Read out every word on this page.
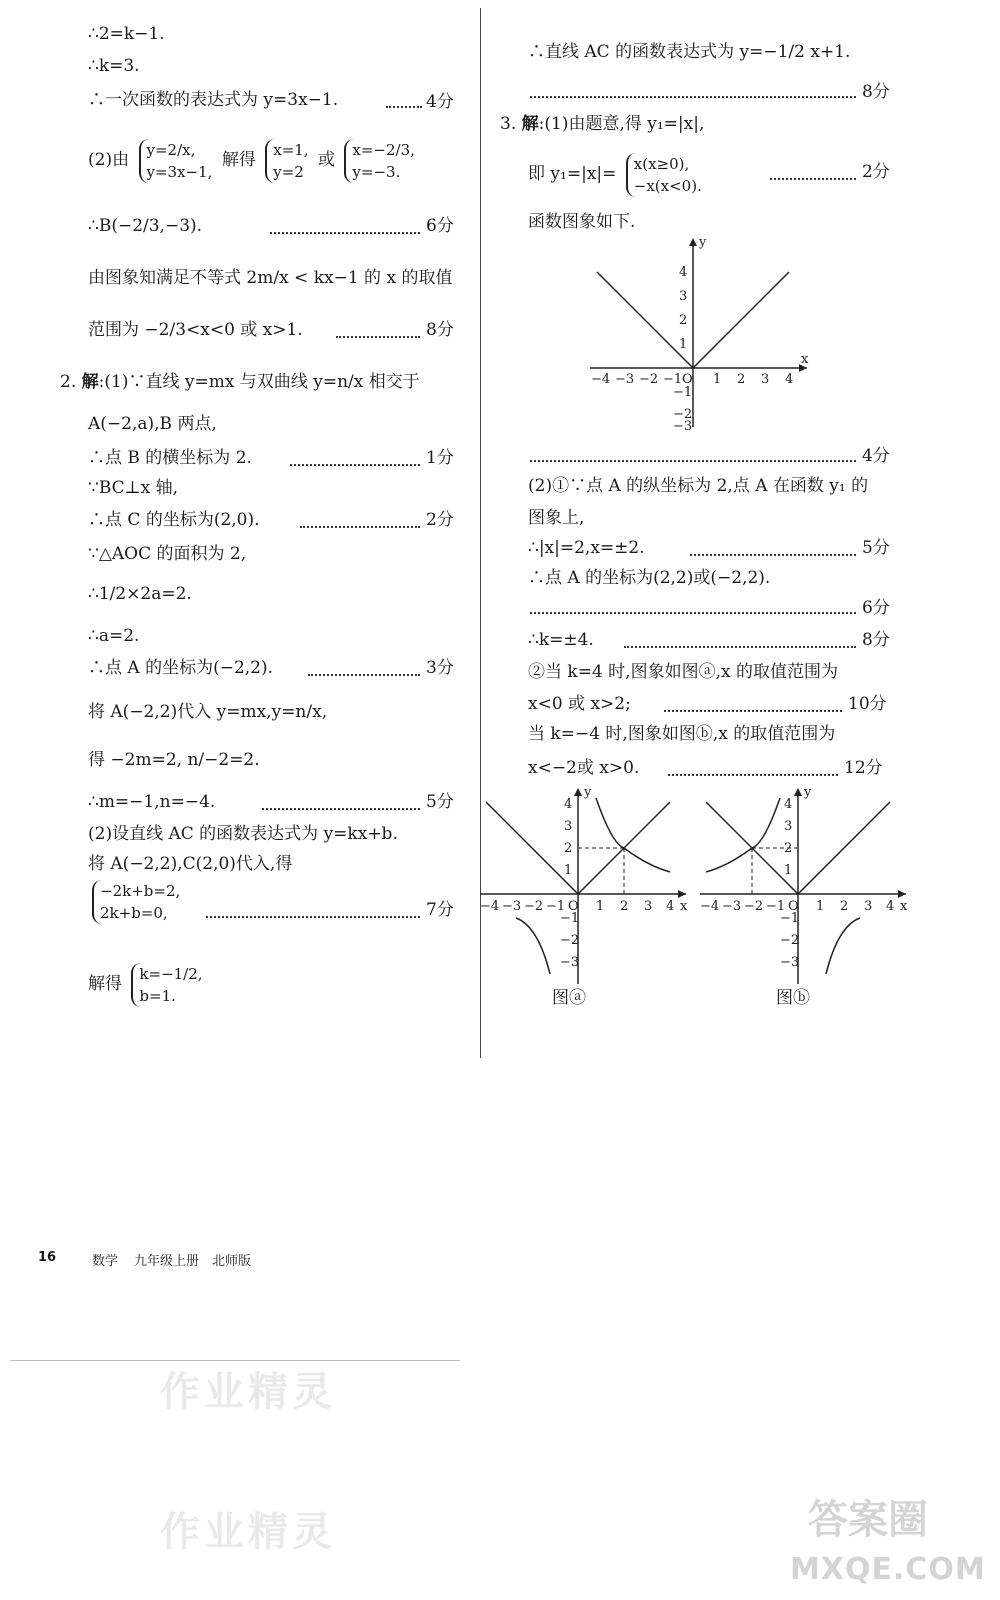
∴2=k−1.
∴k=3.
∴一次函数的表达式为 y=3x−1.	4分
(2)由
y=2/x,
y=3x−1,
解得
x=1,
y=2
或
x=−2/3,
y=−3.
∴B(−2/3,−3).	6分
由图象知满足不等式 2m/x < kx−1 的 x 的取值
范围为 −2/3<x<0 或 x>1.	8分
2. 解:(1)∵直线 y=mx 与双曲线 y=n/x 相交于
A(−2,a),B 两点,
∴点 B 的横坐标为 2.	1分
∵BC⊥x 轴,
∴点 C 的坐标为(2,0).	2分
∵△AOC 的面积为 2,
∴1/2×2a=2.
∴a=2.
∴点 A 的坐标为(−2,2).	3分
将 A(−2,2)代入 y=mx,y=n/x,
得 −2m=2, n/−2=2.
∴m=−1,n=−4.	5分
(2)设直线 AC 的函数表达式为 y=kx+b.
将 A(−2,2),C(2,0)代入,得
−2k+b=2,
2k+b=0,	7分
解得
k=−1/2,
b=1.
∴直线 AC 的函数表达式为 y=−1/2 x+1.
8分
3. 解:(1)由题意,得 y₁=|x|,
即 y₁=|x|=
x(x≥0),
−x(x<0).
2分
函数图象如下.
x
y
O
−4 −3 −2 −1 1 2 3 4
4
3
2
1
−1
−2
−3
4分
(2)①∵点 A 的纵坐标为 2,点 A 在函数 y₁ 的
图象上,
∴|x|=2,x=±2.	5分
∴点 A 的坐标为(2,2)或(−2,2).
6分
∴k=±4.	8分
②当 k=4 时,图象如图ⓐ,x 的取值范围为
x<0 或 x>2;	10分
当 k=−4 时,图象如图ⓑ,x 的取值范围为
x<−2或 x>0.	12分
x
y
O
−4 −3 −2 −1 1 2 3 4
4
3
2
1
−1
−2
−3
图ⓐ
x
y
O
−4 −3 −2 −1 1 2 3 4
4
3
2
1
−1
−2
−3
图ⓑ
16	数学 九年级上册 北师版
作业精灵
作业精灵	答案圈
MXQE.COM
